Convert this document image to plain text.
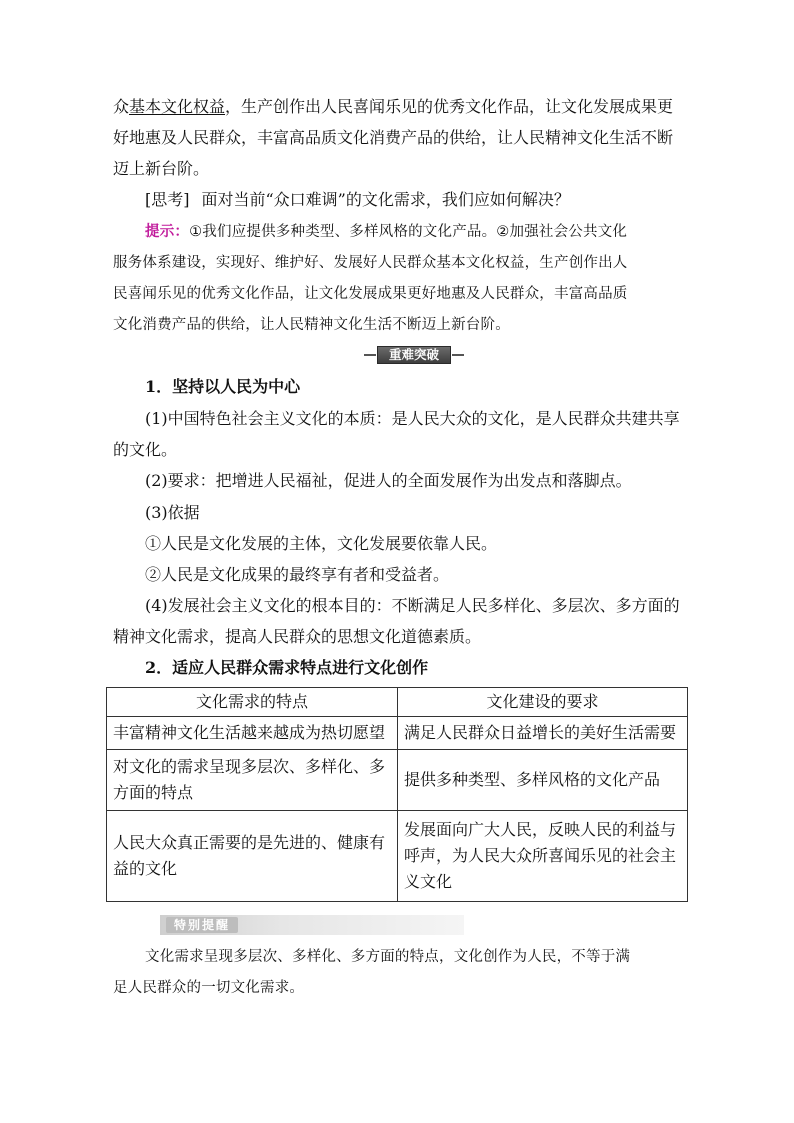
众基本文化权益，生产创作出人民喜闻乐见的优秀文化作品，让文化发展成果更
好地惠及人民群众，丰富高品质文化消费产品的供给，让人民精神文化生活不断
迈上新台阶。
[思考] 面对当前“众口难调”的文化需求，我们应如何解决？
提示：①我们应提供多种类型、多样风格的文化产品。②加强社会公共文化
服务体系建设，实现好、维护好、发展好人民群众基本文化权益，生产创作出人
民喜闻乐见的优秀文化作品，让文化发展成果更好地惠及人民群众，丰富高品质
文化消费产品的供给，让人民精神文化生活不断迈上新台阶。
重难突破
1．坚持以人民为中心
(1)中国特色社会主义文化的本质：是人民大众的文化，是人民群众共建共享
的文化。
(2)要求：把增进人民福祉，促进人的全面发展作为出发点和落脚点。
(3)依据
①人民是文化发展的主体，文化发展要依靠人民。
②人民是文化成果的最终享有者和受益者。
(4)发展社会主义文化的根本目的：不断满足人民多样化、多层次、多方面的
精神文化需求，提高人民群众的思想文化道德素质。
2．适应人民群众需求特点进行文化创作
文化需求的特点	文化建设的要求
丰富精神文化生活越来越成为热切愿望	满足人民群众日益增长的美好生活需要
对文化的需求呈现多层次、多样化、多方面的特点	提供多种类型、多样风格的文化产品
人民大众真正需要的是先进的、健康有益的文化	发展面向广大人民，反映人民的利益与呼声，为人民大众所喜闻乐见的社会主义文化
特别提醒
文化需求呈现多层次、多样化、多方面的特点，文化创作为人民，不等于满
足人民群众的一切文化需求。
